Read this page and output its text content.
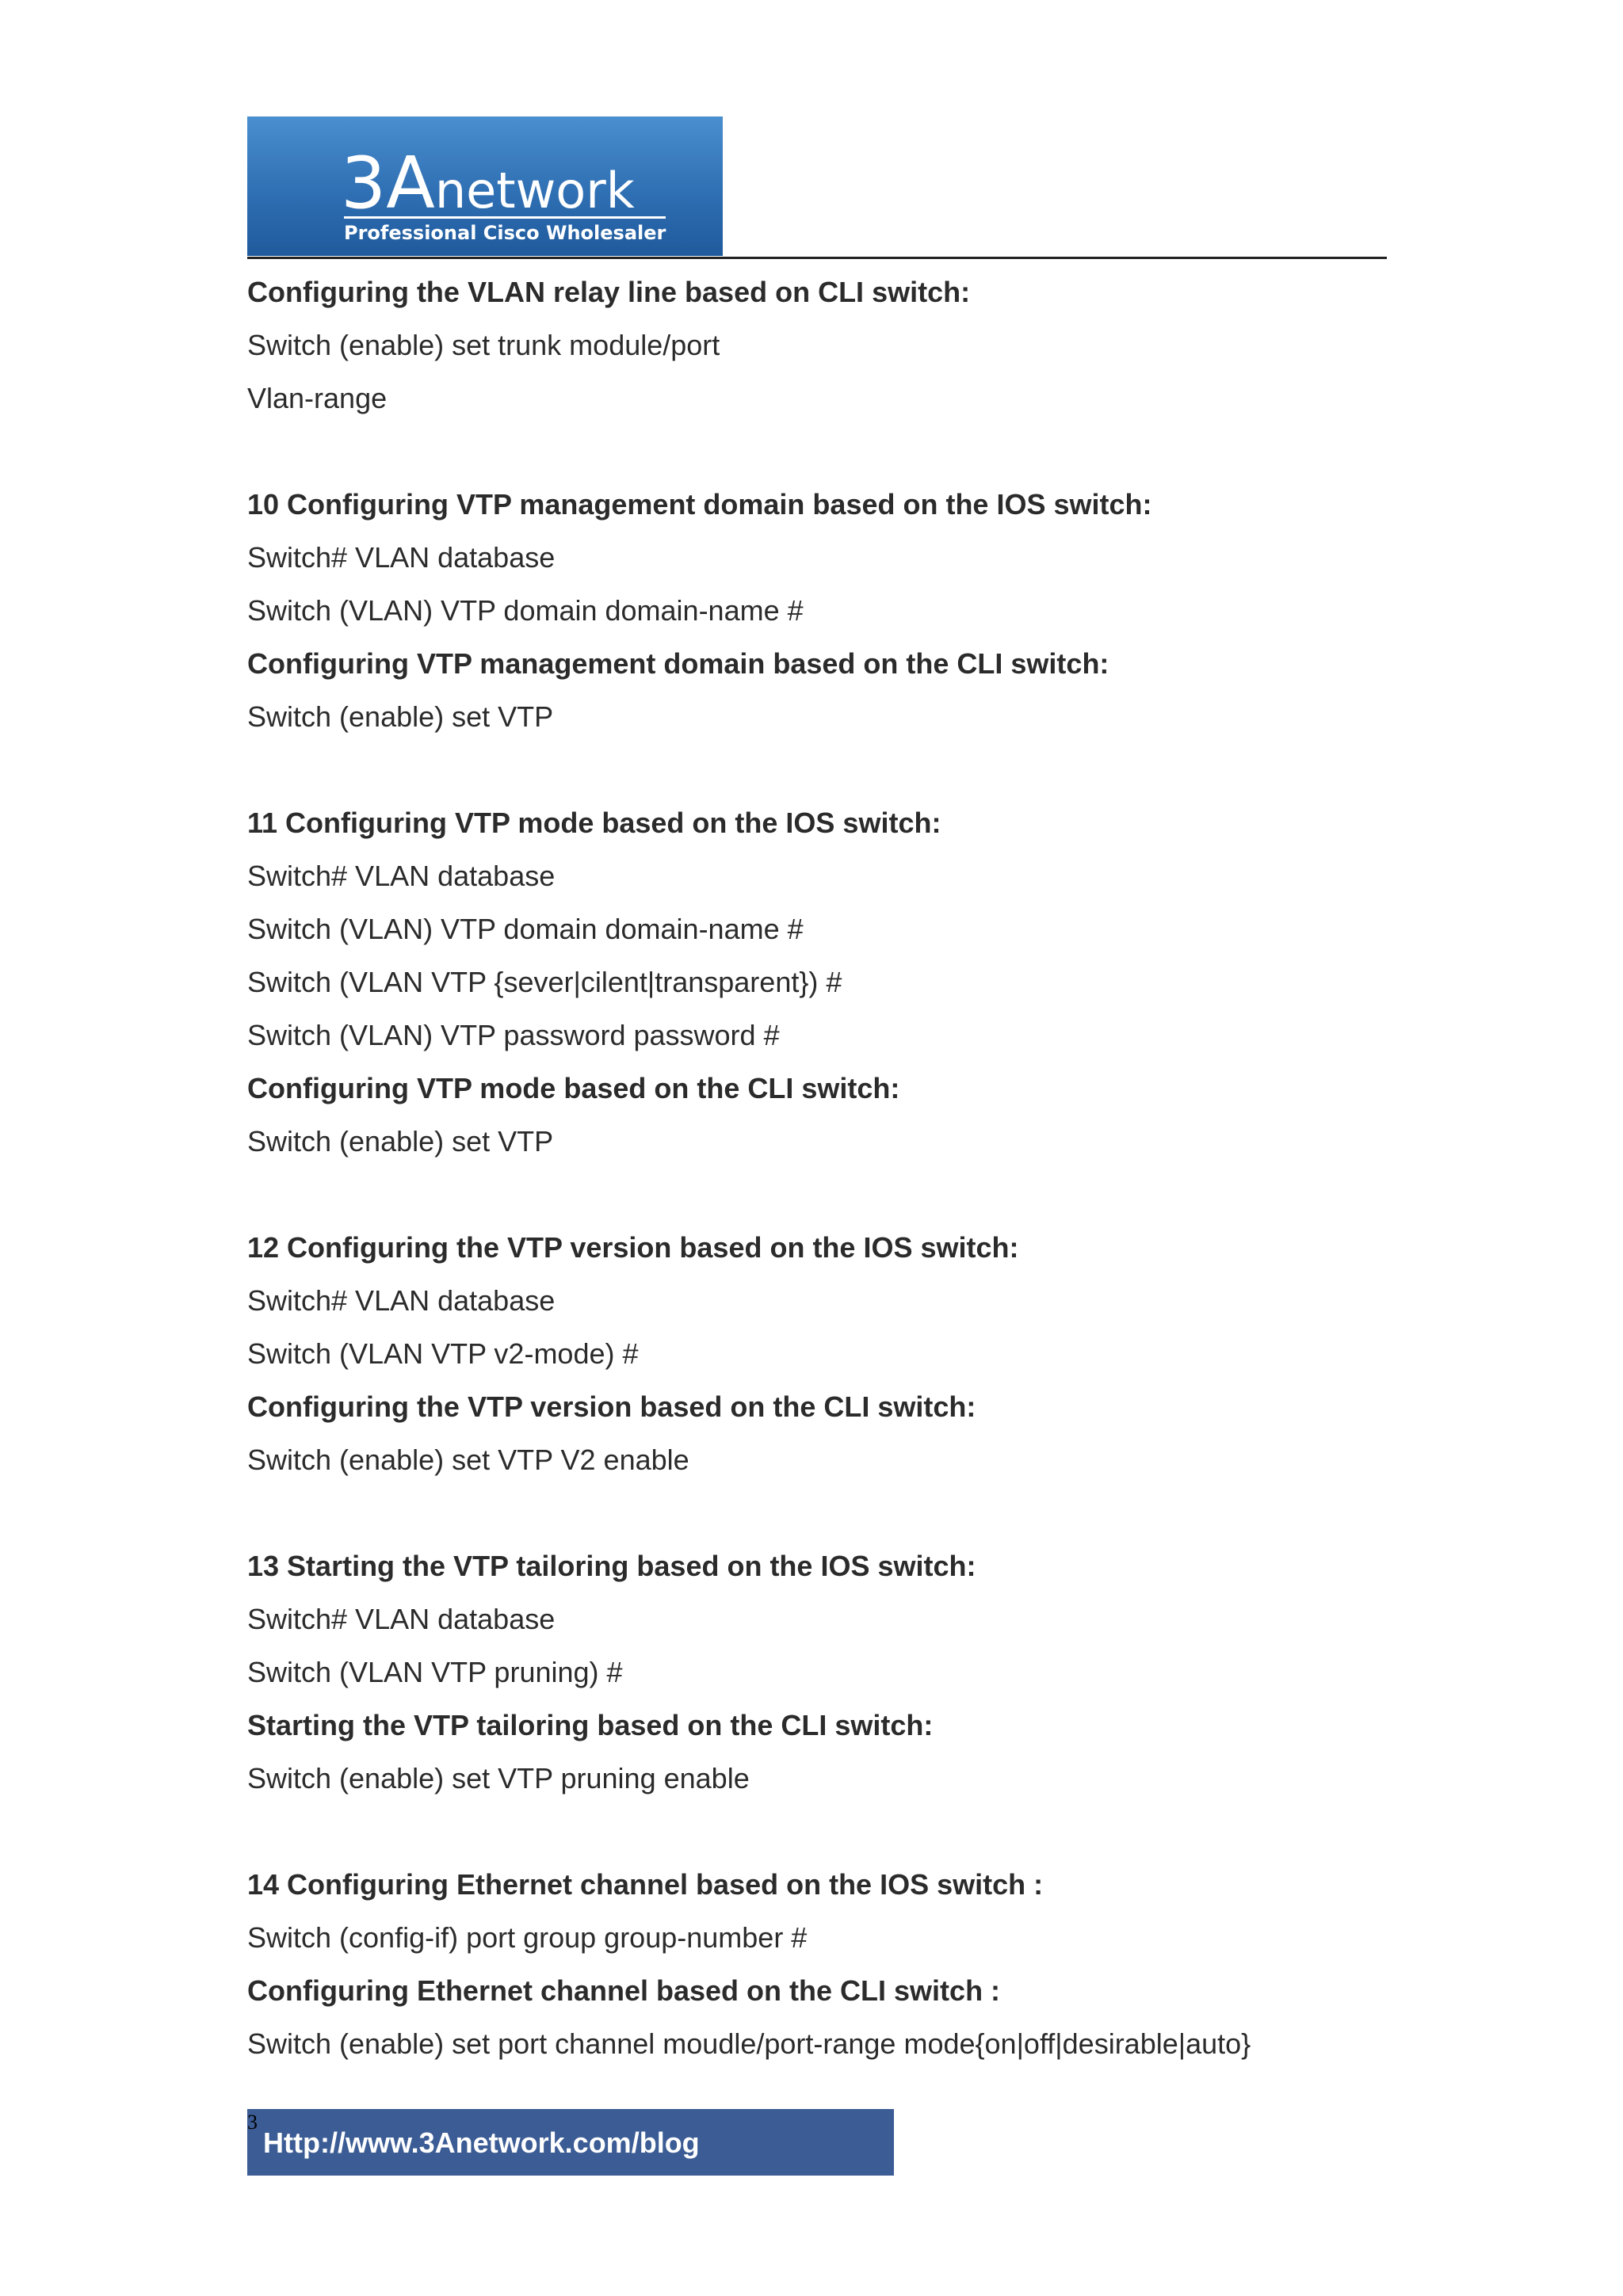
3Anetwork
Professional Cisco Wholesaler
Configuring the VLAN relay line based on CLI switch:
Switch (enable) set trunk module/port
Vlan-range
10 Configuring VTP management domain based on the IOS switch:
Switch# VLAN database
Switch (VLAN) VTP domain domain-name #
Configuring VTP management domain based on the CLI switch:
Switch (enable) set VTP
11 Configuring VTP mode based on the IOS switch:
Switch# VLAN database
Switch (VLAN) VTP domain domain-name #
Switch (VLAN VTP {sever|cilent|transparent}) #
Switch (VLAN) VTP password password #
Configuring VTP mode based on the CLI switch:
Switch (enable) set VTP
12 Configuring the VTP version based on the IOS switch:
Switch# VLAN database
Switch (VLAN VTP v2-mode) #
Configuring the VTP version based on the CLI switch:
Switch (enable) set VTP V2 enable
13 Starting the VTP tailoring based on the IOS switch:
Switch# VLAN database
Switch (VLAN VTP pruning) #
Starting the VTP tailoring based on the CLI switch:
Switch (enable) set VTP pruning enable
14 Configuring Ethernet channel based on the IOS switch :
Switch (config-if) port group group-number #
Configuring Ethernet channel based on the CLI switch :
Switch (enable) set port channel moudle/port-range mode{on|off|desirable|auto}
Http://www.3Anetwork.com/blog
3
